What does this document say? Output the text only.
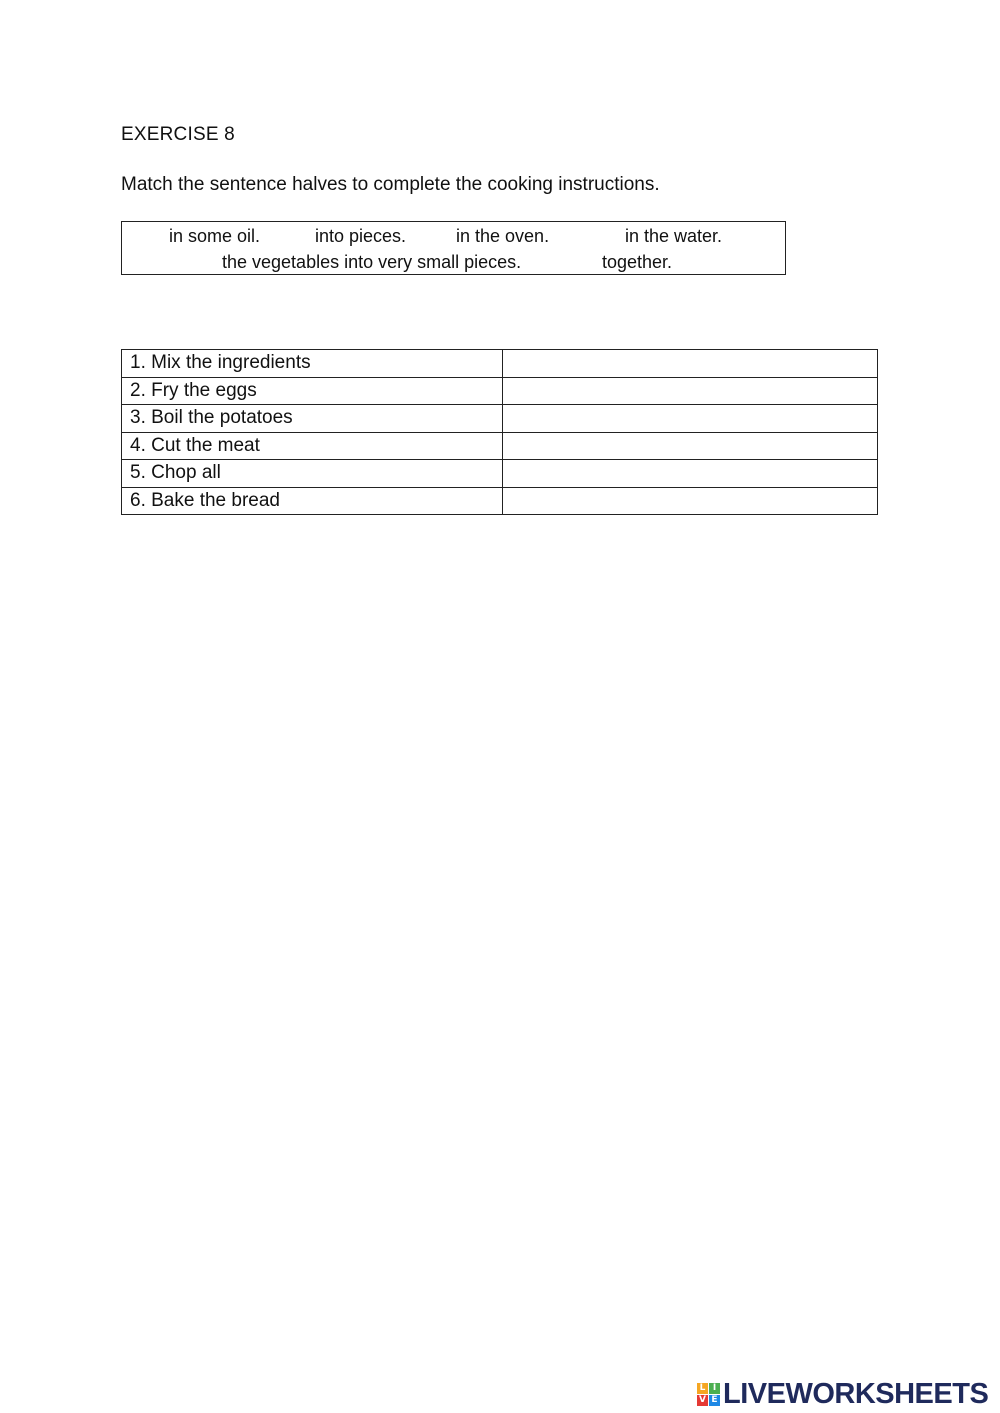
EXERCISE 8
Match the sentence halves to complete the cooking instructions.
in some oil.	into pieces.	in the oven.	in the water.
the vegetables into very small pieces.	together.
1. Mix the ingredients	
2. Fry the eggs	
3. Boil the potatoes	
4. Cut the meat	
5. Chop all	
6. Bake the bread	
L I
V E LIVEWORKSHEETS
